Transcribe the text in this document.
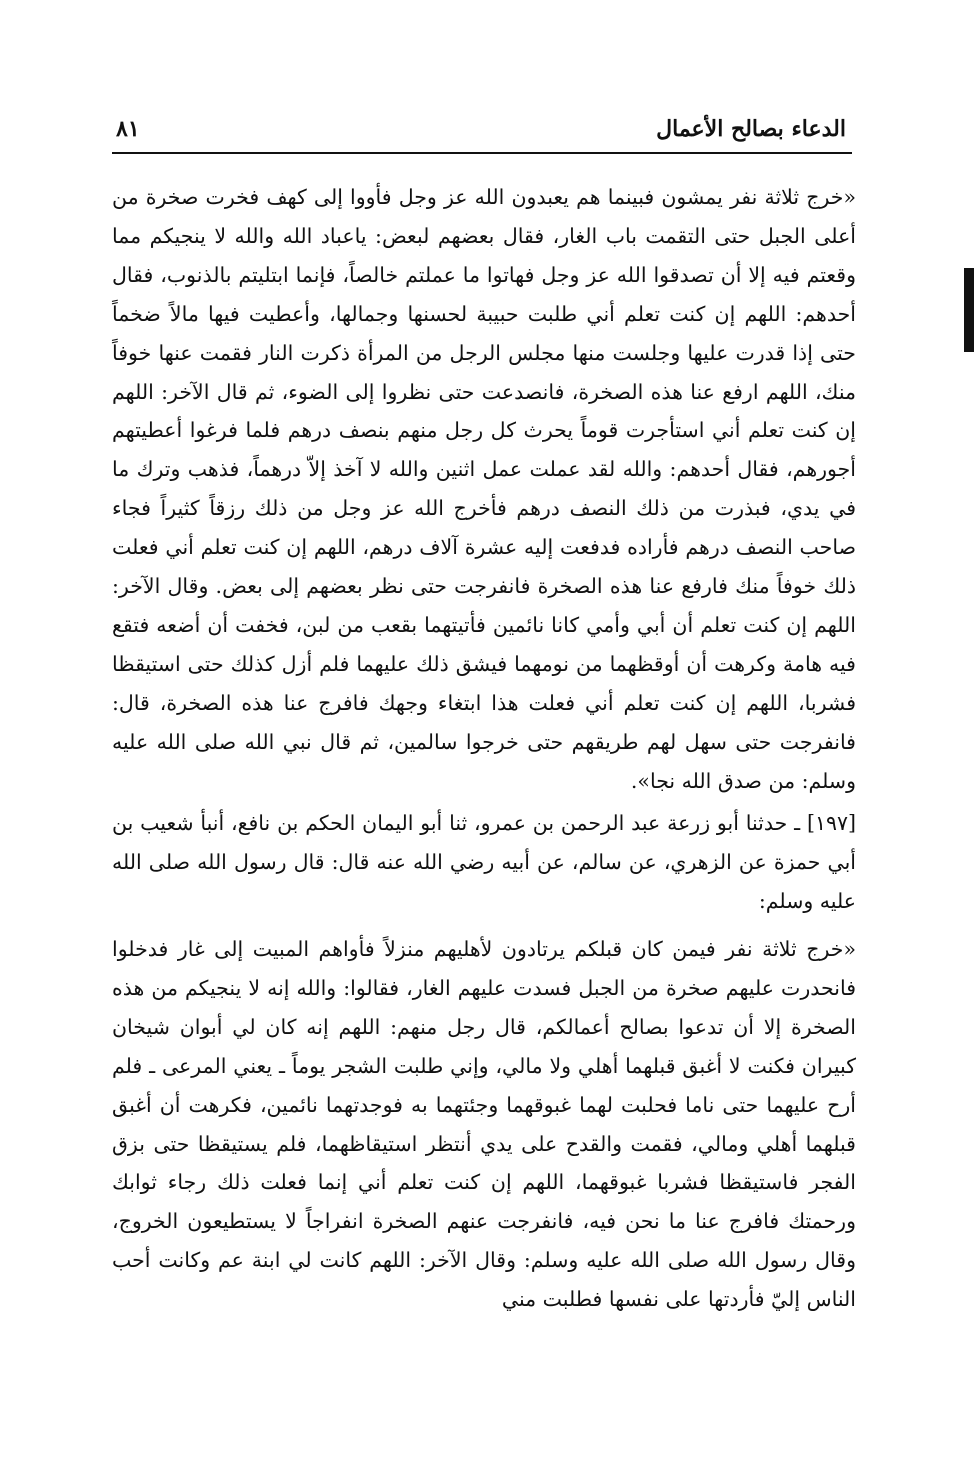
٨١	الدعاء بصالح الأعمال

«خرج ثلاثة نفر يمشون فبينما هم يعبدون الله عز وجل فأووا إلى كهف فخرت صخرة من أعلى الجبل حتى التقمت باب الغار، فقال بعضهم لبعض: ياعباد الله والله لا ينجيكم مما وقعتم فيه إلا أن تصدقوا الله عز وجل فهاتوا ما عملتم خالصاً، فإنما ابتليتم بالذنوب، فقال أحدهم: اللهم إن كنت تعلم أني طلبت حبيبة لحسنها وجمالها، وأعطيت فيها مالاً ضخماً حتى إذا قدرت عليها وجلست منها مجلس الرجل من المرأة ذكرت النار فقمت عنها خوفاً منك، اللهم ارفع عنا هذه الصخرة، فانصدعت حتى نظروا إلى الضوء، ثم قال الآخر: اللهم إن كنت تعلم أني استأجرت قوماً يحرث كل رجل منهم بنصف درهم فلما فرغوا أعطيتهم أجورهم، فقال أحدهم: والله لقد عملت عمل اثنين والله لا آخذ إلاّ درهماً، فذهب وترك ما في يدي، فبذرت من ذلك النصف درهم فأخرج الله عز وجل من ذلك رزقاً كثيراً فجاء صاحب النصف درهم فأراده فدفعت إليه عشرة آلاف درهم، اللهم إن كنت تعلم أني فعلت ذلك خوفاً منك فارفع عنا هذه الصخرة فانفرجت حتى نظر بعضهم إلى بعض. وقال الآخر: اللهم إن كنت تعلم أن أبي وأمي كانا نائمين فأتيتهما بقعب من لبن، فخفت أن أضعه فتقع فيه هامة وكرهت أن أوقظهما من نومهما فيشق ذلك عليهما فلم أزل كذلك حتى استيقظا فشربا، اللهم إن كنت تعلم أني فعلت هذا ابتغاء وجهك فافرج عنا هذه الصخرة، قال: فانفرجت حتى سهل لهم طريقهم حتى خرجوا سالمين، ثم قال نبي الله صلى الله عليه وسلم: من صدق الله نجا».

[١٩٧] ـ حدثنا أبو زرعة عبد الرحمن بن عمرو، ثنا أبو اليمان الحكم بن نافع، أنبأ شعيب بن أبي حمزة عن الزهري، عن سالم، عن أبيه رضي الله عنه قال: قال رسول الله صلى الله عليه وسلم:

«خرج ثلاثة نفر فيمن كان قبلكم يرتادون لأهليهم منزلاً فأواهم المبيت إلى غار فدخلوا فانحدرت عليهم صخرة من الجبل فسدت عليهم الغار، فقالوا: والله إنه لا ينجيكم من هذه الصخرة إلا أن تدعوا بصالح أعمالكم، قال رجل منهم: اللهم إنه كان لي أبوان شيخان كبيران فكنت لا أغبق قبلهما أهلي ولا مالي، وإني طلبت الشجر يوماً ـ يعني المرعى ـ فلم أرح عليهما حتى ناما فحلبت لهما غبوقهما وجئتهما به فوجدتهما نائمين، فكرهت أن أغبق قبلهما أهلي ومالي، فقمت والقدح على يدي أنتظر استيقاظهما، فلم يستيقظا حتى بزق الفجر فاستيقظا فشربا غبوقهما، اللهم إن كنت تعلم أني إنما فعلت ذلك رجاء ثوابك ورحمتك فافرج عنا ما نحن فيه، فانفرجت عنهم الصخرة انفراجاً لا يستطيعون الخروج، وقال رسول الله صلى الله عليه وسلم: وقال الآخر: اللهم كانت لي ابنة عم وكانت أحب الناس إليّ فأردتها على نفسها فطلبت مني
